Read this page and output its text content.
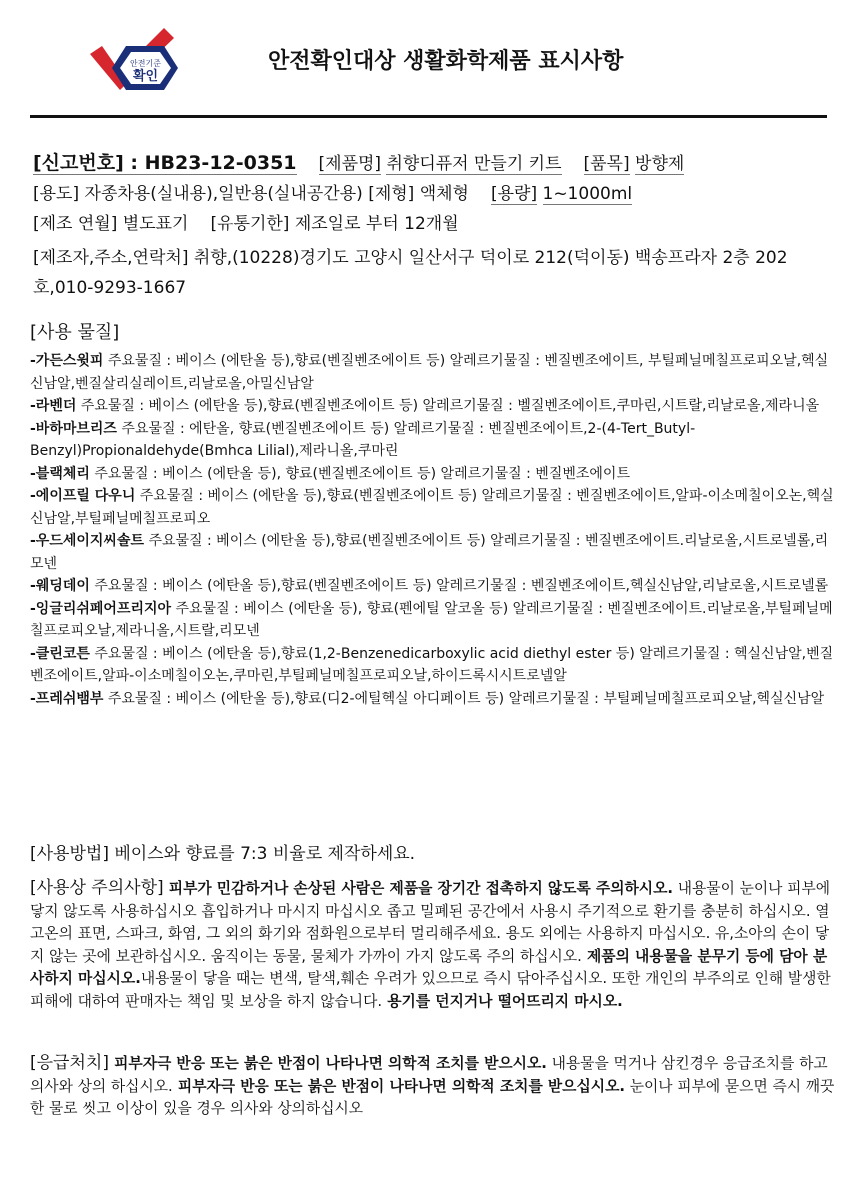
안전기준
확인
안전확인대상 생활화학제품 표시사항
[신고번호] : HB23-12-0351 [제품명] 취향디퓨저 만들기 키트 [품목] 방향제
[용도] 자종차용(실내용),일반용(실내공간용) [제형] 액체형 [용량] 1~1000ml
[제조 연월] 별도표기 [유통기한] 제조일로 부터 12개월
[제조자,주소,연락처] 취향,(10228)경기도 고양시 일산서구 덕이로 212(덕이동) 백송프라자 2층 202호,010-9293-1667
[사용 물질]

-가든스윗피 주요물질 : 베이스 (에탄올 등),향료(벤질벤조에이트 등) 알레르기물질 : 벤질벤조에이트, 부틸페닐메칠프로피오날,헥실신남알,벤질살리실레이트,리날로올,아밀신남알

-라벤더 주요물질 : 베이스 (에탄올 등),향료(벤질벤조에이트 등) 알레르기물질 : 벨질벤조에이트,쿠마린,시트랄,리날로올,제라니올

-바하마브리즈 주요물질 : 에탄올, 향료(벤질벤조에이트 등) 알레르기물질 : 벤질벤조에이트,2-(4-Tert_Butyl-Benzyl)Propionaldehyde(Bmhca Lilial),제라니올,쿠마린

-블랙체리 주요물질 : 베이스 (에탄올 등), 향료(벤질벤조에이트 등) 알레르기물질 : 벤질벤조에이트

-에이프릴 다우니 주요물질 : 베이스 (에탄올 등),향료(벤질벤조에이트 등) 알레르기물질 : 벤질벤조에이트,알파-이소메칠이오논,헥실신남알,부틸페닐메칠프로피오

-우드세이지씨솔트 주요물질 : 베이스 (에탄올 등),향료(벤질벤조에이트 등) 알레르기물질 : 벤질벤조에이트.리날로올,시트로넬롤,리모넨

-웨딩데이 주요물질 : 베이스 (에탄올 등),향료(벤질벤조에이트 등) 알레르기물질 : 벤질벤조에이트,헥실신남알,리날로올,시트로넬롤

-잉글리쉬페어프리지아 주요물질 : 베이스 (에탄올 등), 향료(펜에틸 알코올 등) 알레르기물질 : 벤질벤조에이트.리날로올,부틸페닐메칠프로피오날,제라니올,시트랄,리모넨

-클린코튼 주요물질 : 베이스 (에탄올 등),향료(1,2-Benzenedicarboxylic acid diethyl ester 등) 알레르기물질 : 헥실신남알,벤질벤조에이트,알파-이소메칠이오논,쿠마린,부틸페닐메칠프로피오날,하이드록시시트로넬알

-프레쉬뱀부 주요물질 : 베이스 (에탄올 등),향료(디2-에틸헥실 아디페이트 등) 알레르기물질 : 부틸페닐메칠프로피오날,헥실신남알

[사용방법] 베이스와 향료를 7:3 비율로 제작하세요.
[사용상 주의사항] 피부가 민감하거나 손상된 사람은 제품을 장기간 접촉하지 않도록 주의하시오. 내용물이 눈이나 피부에 닿지 않도록 사용하십시오 흡입하거나 마시지 마십시오 좁고 밀폐된 공간에서 사용시 주기적으로 환기를 충분히 하십시오. 열 고온의 표면, 스파크, 화염, 그 외의 화기와 점화원으로부터 멀리해주세요. 용도 외에는 사용하지 마십시오. 유,소아의 손이 닿지 않는 곳에 보관하십시오. 움직이는 동물, 물체가 가까이 가지 않도록 주의 하십시오. 제품의 내용물을 분무기 등에 담아 분사하지 마십시오.내용물이 닿을 때는 변색, 탈색,훼손 우려가 있으므로 즉시 닦아주십시오. 또한 개인의 부주의로 인해 발생한 피해에 대하여 판매자는 책임 및 보상을 하지 않습니다. 용기를 던지거나 떨어뜨리지 마시오.
[응급처치] 피부자극 반응 또는 붉은 반점이 나타나면 의학적 조치를 받으시오. 내용물을 먹거나 삼킨경우 응급조치를 하고 의사와 상의 하십시오. 피부자극 반응 또는 붉은 반점이 나타나면 의학적 조치를 받으십시오. 눈이나 피부에 묻으면 즉시 깨끗한 물로 씻고 이상이 있을 경우 의사와 상의하십시오
